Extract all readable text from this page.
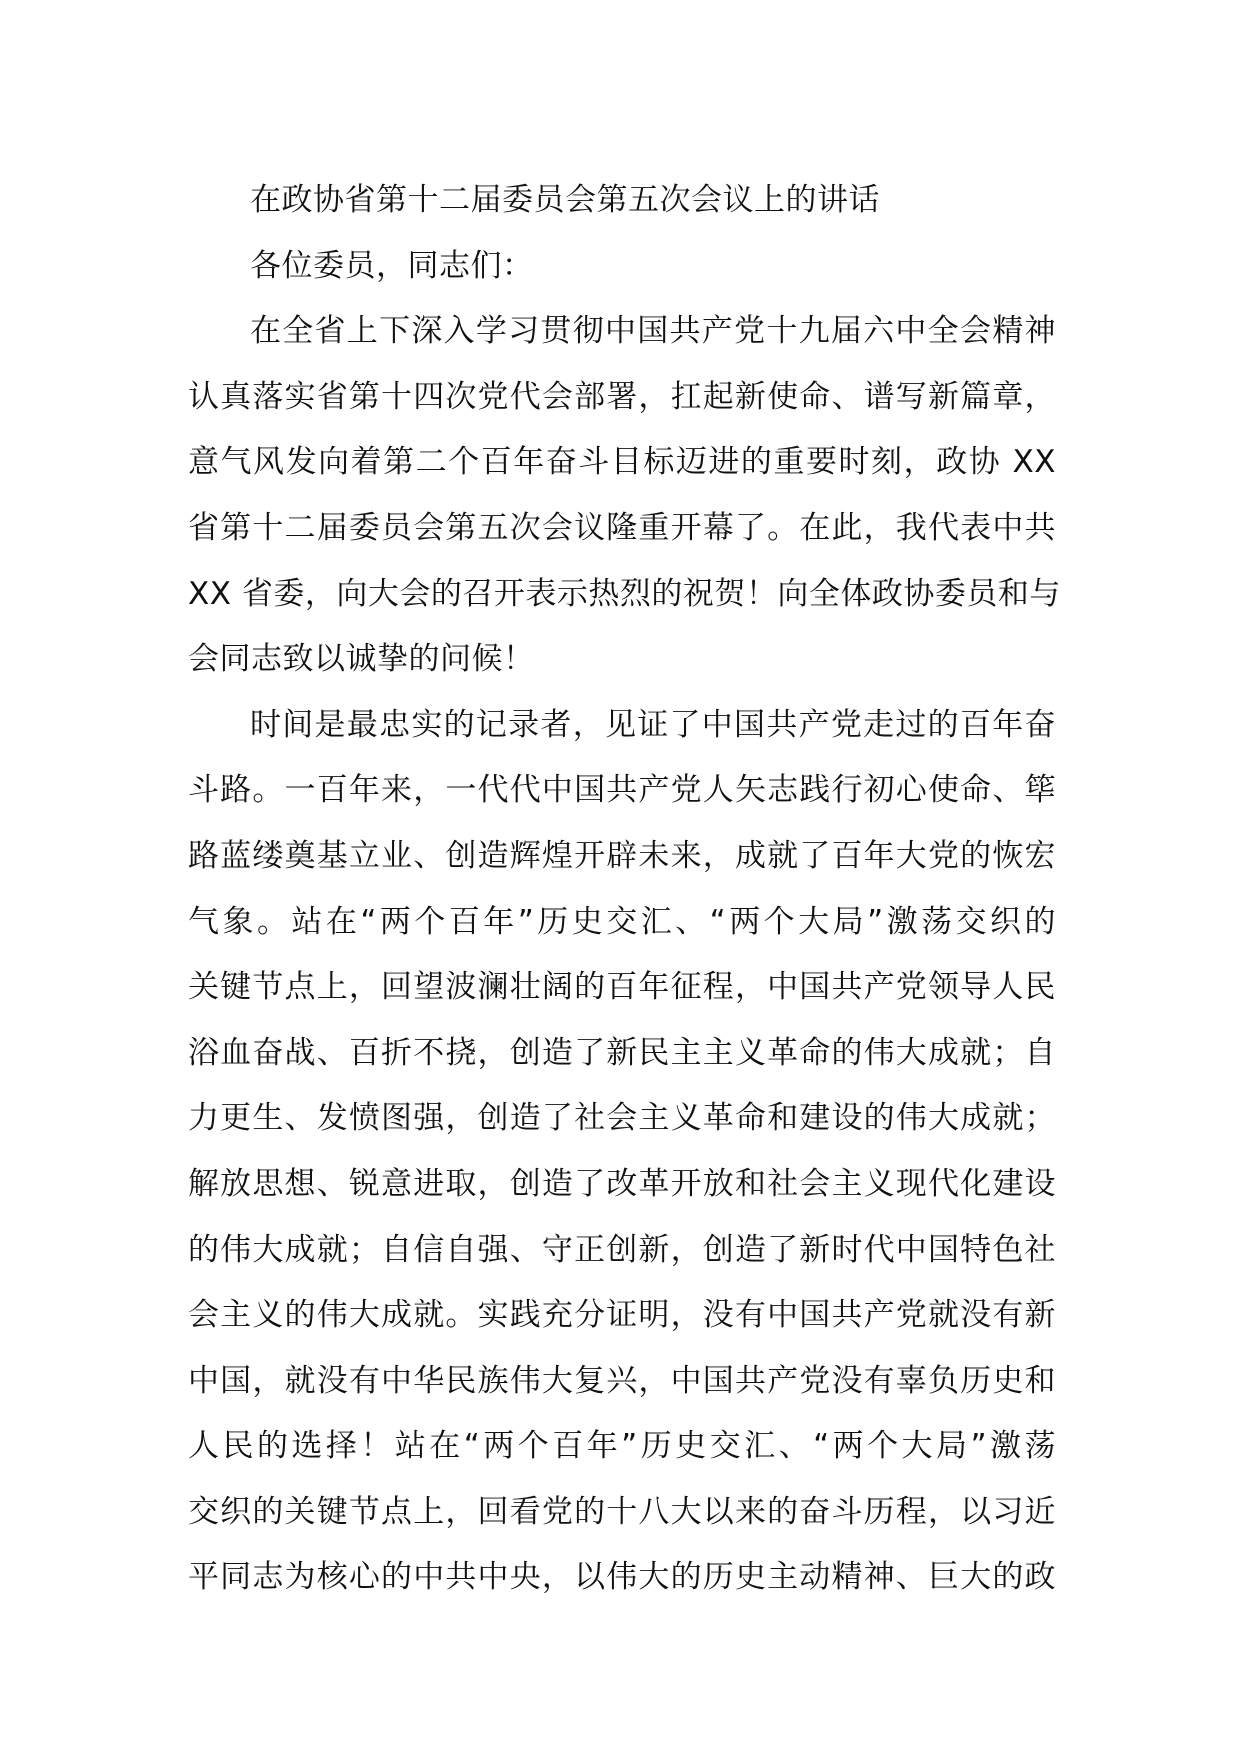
在政协省第十二届委员会第五次会议上的讲话
各位委员，同志们：
在全省上下深入学习贯彻中国共产党十九届六中全会精神
认真落实省第十四次党代会部署，扛起新使命、谱写新篇章，
意气风发向着第二个百年奋斗目标迈进的重要时刻，政协 XX
省第十二届委员会第五次会议隆重开幕了。在此，我代表中共
XX 省委，向大会的召开表示热烈的祝贺！向全体政协委员和与
会同志致以诚挚的问候！
时间是最忠实的记录者，见证了中国共产党走过的百年奋
斗路。一百年来，一代代中国共产党人矢志践行初心使命、筚
路蓝缕奠基立业、创造辉煌开辟未来，成就了百年大党的恢宏
气象。站在“两个百年”历史交汇、“两个大局”激荡交织的
关键节点上，回望波澜壮阔的百年征程，中国共产党领导人民
浴血奋战、百折不挠，创造了新民主主义革命的伟大成就；自
力更生、发愤图强，创造了社会主义革命和建设的伟大成就；
解放思想、锐意进取，创造了改革开放和社会主义现代化建设
的伟大成就；自信自强、守正创新，创造了新时代中国特色社
会主义的伟大成就。实践充分证明，没有中国共产党就没有新
中国，就没有中华民族伟大复兴，中国共产党没有辜负历史和
人民的选择！站在“两个百年”历史交汇、“两个大局”激荡
交织的关键节点上，回看党的十八大以来的奋斗历程，以习近
平同志为核心的中共中央，以伟大的历史主动精神、巨大的政
